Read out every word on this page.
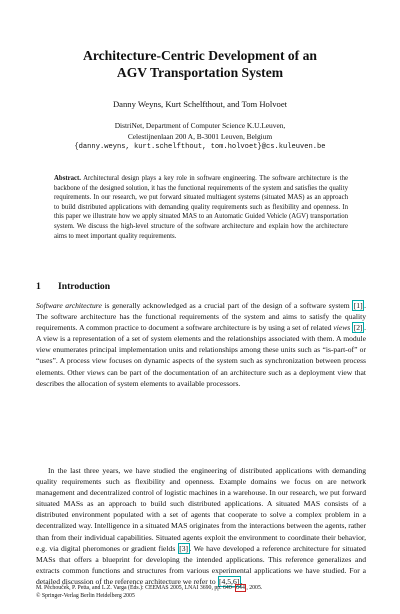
Architecture-Centric Development of an
AGV Transportation System
Danny Weyns, Kurt Schelfthout, and Tom Holvoet
DistriNet, Department of Computer Science K.U.Leuven,
Celestijnenlaan 200 A, B-3001 Leuven, Belgium
{danny.weyns, kurt.schelfthout, tom.holvoet}@cs.kuleuven.be
Abstract. Architectural design plays a key role in software engineering. The software architecture is the backbone of the designed solution, it has the functional requirements of the system and satisfies the quality requirements. In our research, we put forward situated multiagent systems (situated MAS) as an approach to build distributed applications with demanding quality requirements such as flexibility and openness. In this paper we illustrate how we apply situated MAS to an Automatic Guided Vehicle (AGV) transportation system. We discuss the high-level structure of the software architecture and explain how the architecture aims to meet important quality requirements.
1 Introduction
Software architecture is generally acknowledged as a crucial part of the design of a software system [1] . The software architecture has the functional requirements of the system and aims to satisfy the quality requirements. A common practice to document a software architecture is by using a set of related views [2] . A view is a representation of a set of system elements and the relationships associated with them. A module view enumerates principal implementation units and relationships among these units such as “is-part-of” or “uses”. A process view focuses on dynamic aspects of the system such as synchronization between process elements. Other views can be part of the documentation of an architecture such as a deployment view that describes the allocation of system elements to available processors.
In the last three years, we have studied the engineering of distributed applications with demanding quality requirements such as flexibility and openness. Example domains we focus on are network management and decentralized control of logistic machines in a warehouse. In our research, we put forward situated MASs as an approach to build such distributed applications. A situated MAS consists of a distributed environment populated with a set of agents that cooperate to solve a complex problem in a decentralized way. Intelligence in a situated MAS originates from the interactions between the agents, rather than from their individual capabilities. Situated agents exploit the environment to coordinate their behavior, e.g. via digital pheromones or gradient fields [3] . We have developed a reference architecture for situated MASs that offers a blueprint for developing the intended applications. This reference generalizes and extracts common functions and structures from various experimental applications we have studied. For a detailed discussion of the reference architecture we refer to [4,5,6] .
M. Pěchouček, P. Petta, and L.Z. Varga (Eds.): CEEMAS 2005, LNAI 3690, pp. 640– 644 , 2005.
© Springer-Verlag Berlin Heidelberg 2005
